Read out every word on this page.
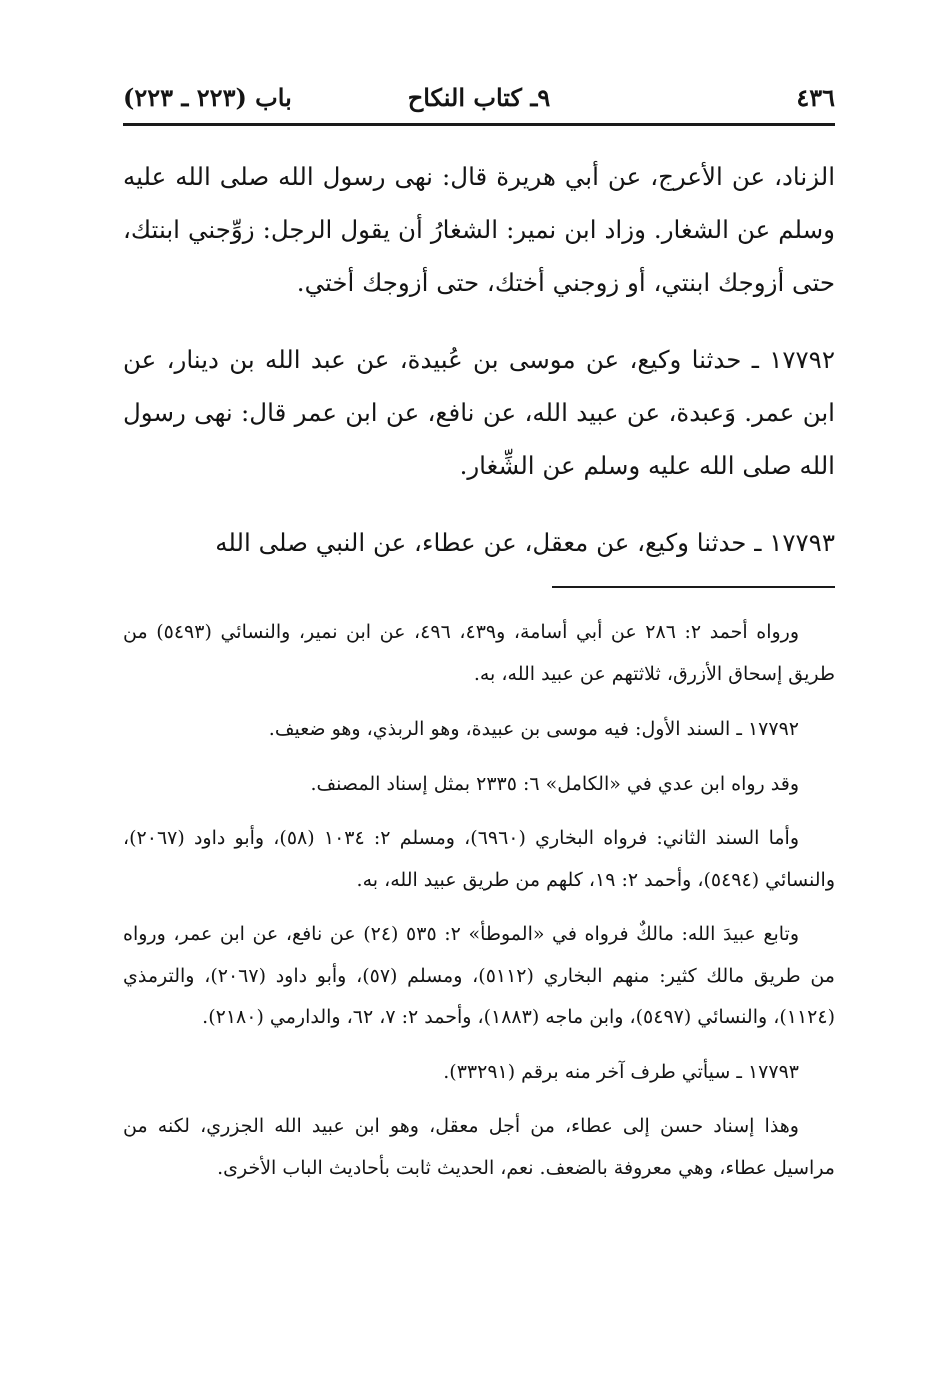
٤٣٦
٩ـ كتاب النكاح
باب (٢٢٣ ـ ٢٢٣)

الزناد، عن الأعرج، عن أبي هريرة قال: نهى رسول الله صلى الله عليه وسلم عن الشغار. وزاد ابن نمير: الشغارُ أن يقول الرجل: زوِّجني ابنتك، حتى أزوجك ابنتي، أو زوجني أختك، حتى أزوجك أختي.

١٧٧٩٢ ـ حدثنا وكيع، عن موسى بن عُبيدة، عن عبد الله بن دينار، عن ابن عمر. وَعبدة، عن عبيد الله، عن نافع، عن ابن عمر قال: نهى رسول الله صلى الله عليه وسلم عن الشِّغار.

١٧٧٩٣ ـ حدثنا وكيع، عن معقل، عن عطاء، عن النبي صلى الله

ورواه أحمد ٢: ٢٨٦ عن أبي أسامة، و٤٣٩، ٤٩٦، عن ابن نمير، والنسائي (٥٤٩٣) من طريق إسحاق الأزرق، ثلاثتهم عن عبيد الله، به.

١٧٧٩٢ ـ السند الأول: فيه موسى بن عبيدة، وهو الربذي، وهو ضعيف.

وقد رواه ابن عدي في «الكامل» ٦: ٢٣٣٥ بمثل إسناد المصنف.

وأما السند الثاني: فرواه البخاري (٦٩٦٠)، ومسلم ٢: ١٠٣٤ (٥٨)، وأبو داود (٢٠٦٧)، والنسائي (٥٤٩٤)، وأحمد ٢: ١٩، كلهم من طريق عبيد الله، به.

وتابع عبيدَ الله: مالكٌ فرواه في «الموطأ» ٢: ٥٣٥ (٢٤) عن نافع، عن ابن عمر، ورواه من طريق مالك كثير: منهم البخاري (٥١١٢)، ومسلم (٥٧)، وأبو داود (٢٠٦٧)، والترمذي (١١٢٤)، والنسائي (٥٤٩٧)، وابن ماجه (١٨٨٣)، وأحمد ٢: ٧، ٦٢، والدارمي (٢١٨٠).

١٧٧٩٣ ـ سيأتي طرف آخر منه برقم (٣٣٢٩١).

وهذا إسناد حسن إلى عطاء، من أجل معقل، وهو ابن عبيد الله الجزري، لكنه من مراسيل عطاء، وهي معروفة بالضعف. نعم، الحديث ثابت بأحاديث الباب الأخرى.
